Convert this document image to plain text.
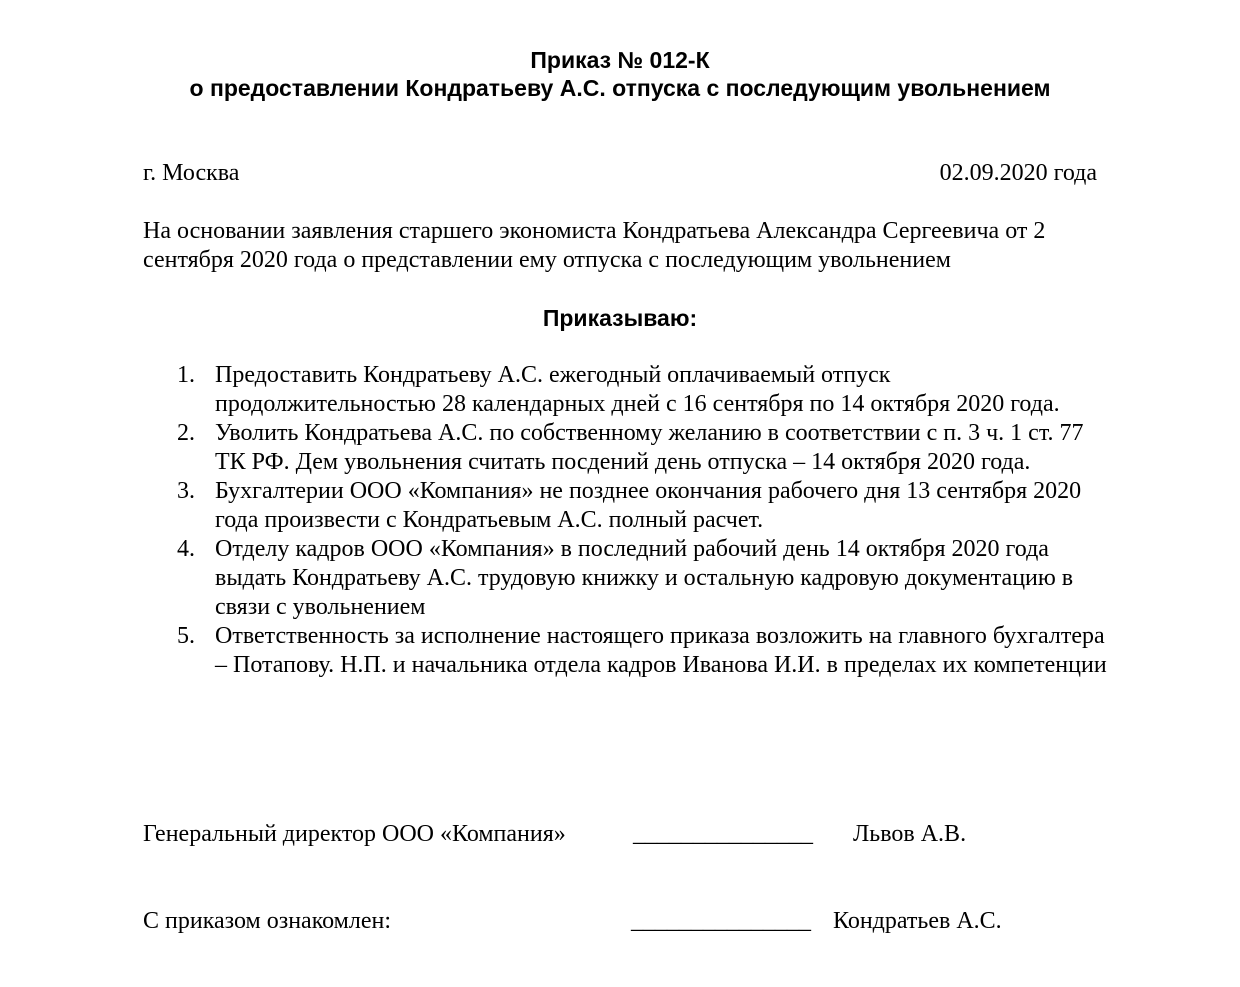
Приказ № 012-К
о предоставлении Кондратьеву А.С. отпуска с последующим увольнением
г. Москва	02.09.2020 года
На основании заявления старшего экономиста Кондратьева Александра Сергеевича от 2 сентября 2020 года о представлении ему отпуска с последующим увольнением
Приказываю:
1. Предоставить Кондратьеву А.С. ежегодный оплачиваемый отпуск продолжительностью 28 календарных дней с 16 сентября по 14 октября 2020 года.
2. Уволить Кондратьева А.С. по собственному желанию в соответствии с п. 3 ч. 1 ст. 77 ТК РФ. Дем увольнения считать посдений день отпуска – 14 октября 2020 года.
3. Бухгалтерии ООО «Компания» не позднее окончания рабочего дня 13 сентября 2020 года произвести с Кондратьевым А.С. полный расчет.
4. Отделу кадров ООО «Компания» в последний рабочий день 14 октября 2020 года выдать Кондратьеву А.С. трудовую книжку и остальную кадровую документацию в связи с увольнением
5. Ответственность за исполнение настоящего приказа возложить на главного бухгалтера – Потапову. Н.П. и начальника отдела кадров Иванова И.И. в пределах их компетенции
Генеральный директор ООО «Компания»	_______________ Львов А.В.
С приказом ознакомлен:	_______________ Кондратьев А.С.
